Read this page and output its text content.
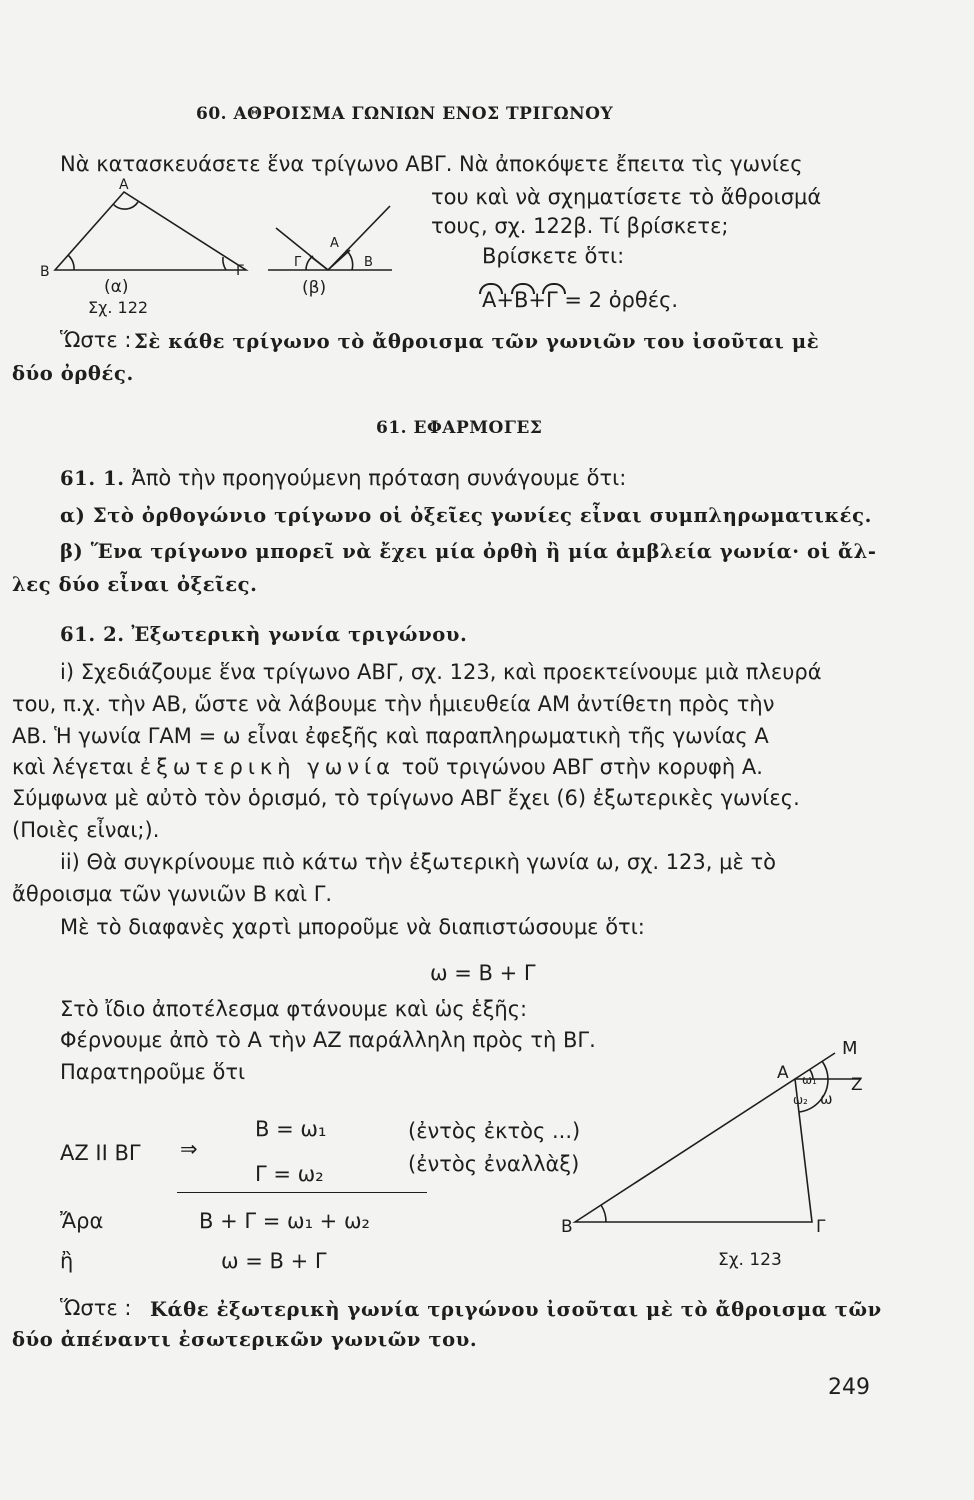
60. ΑΘΡΟΙΣΜΑ ΓΩΝΙΩΝ ΕΝΟΣ ΤΡΙΓΩΝΟΥ
Νὰ κατασκευάσετε ἕνα τρίγωνο ΑΒΓ. Νὰ ἀποκόψετε ἔπειτα τὶς γωνίες
του καὶ νὰ σχηματίσετε τὸ ἄθροισμά
τους, σχ. 122β. Τί βρίσκετε;
Βρίσκετε ὅτι:
Α+Β+Γ = 2 ὀρθές.
Α
Β	Γ
Γ
Α
Β
(α)	(β)
Σχ. 122
Ὥστε : Σὲ κάθε τρίγωνο τὸ ἄθροισμα τῶν γωνιῶν του ἰσοῦται μὲ
δύο ὀρθές.
61. ΕΦΑΡΜΟΓΕΣ
61. 1. Ἀπὸ τὴν προηγούμενη πρόταση συνάγουμε ὅτι:
α) Στὸ ὀρθογώνιο τρίγωνο οἱ ὀξεῖες γωνίες εἶναι συμπληρωματικές.
β) Ἕνα τρίγωνο μπορεῖ νὰ ἔχει μία ὀρθὴ ἢ μία ἀμβλεία γωνία· οἱ ἄλ-
λες δύο εἶναι ὀξεῖες.
61. 2. Ἐξωτερικὴ γωνία τριγώνου.
i) Σχεδιάζουμε ἕνα τρίγωνο ΑΒΓ, σχ. 123, καὶ προεκτείνουμε μιὰ πλευρά
του, π.χ. τὴν ΑΒ, ὥστε νὰ λάβουμε τὴν ἡμιευθεία ΑΜ ἀντίθετη πρὸς τὴν
ΑΒ. Ἡ γωνία ΓΑΜ = ω εἶναι ἐφεξῆς καὶ παραπληρωματικὴ τῆς γωνίας Α
καὶ λέγεται ἐξωτερικὴ γωνία τοῦ τριγώνου ΑΒΓ στὴν κορυφὴ Α.
Σύμφωνα μὲ αὐτὸ τὸν ὁρισμό, τὸ τρίγωνο ΑΒΓ ἔχει (6) ἐξωτερικὲς γωνίες.
(Ποιὲς εἶναι;).
ii) Θὰ συγκρίνουμε πιὸ κάτω τὴν ἐξωτερικὴ γωνία ω, σχ. 123, μὲ τὸ
ἄθροισμα τῶν γωνιῶν Β καὶ Γ.
Μὲ τὸ διαφανὲς χαρτὶ μποροῦμε νὰ διαπιστώσουμε ὅτι:
ω = Β + Γ
Στὸ ἴδιο ἀποτέλεσμα φτάνουμε καὶ ὡς ἑξῆς:
Φέρνουμε ἀπὸ τὸ Α τὴν ΑΖ παράλληλη πρὸς τὴ ΒΓ.
Παρατηροῦμε ὅτι
Β = ω₁	(ἐντὸς ἐκτὸς ...)
ΑΖ ΙΙ ΒΓ ⇒
Γ = ω₂	(ἐντὸς ἐναλλὰξ)
Ἄρα	Β + Γ = ω₁ + ω₂
ἢ	ω = Β + Γ
Μ
Α
Ζ
Β	Γ
ω₁
ω₂ ω
Σχ. 123
Ὥστε : Κάθε ἐξωτερικὴ γωνία τριγώνου ἰσοῦται μὲ τὸ ἄθροισμα τῶν
δύο ἀπέναντι ἐσωτερικῶν γωνιῶν του.
249
